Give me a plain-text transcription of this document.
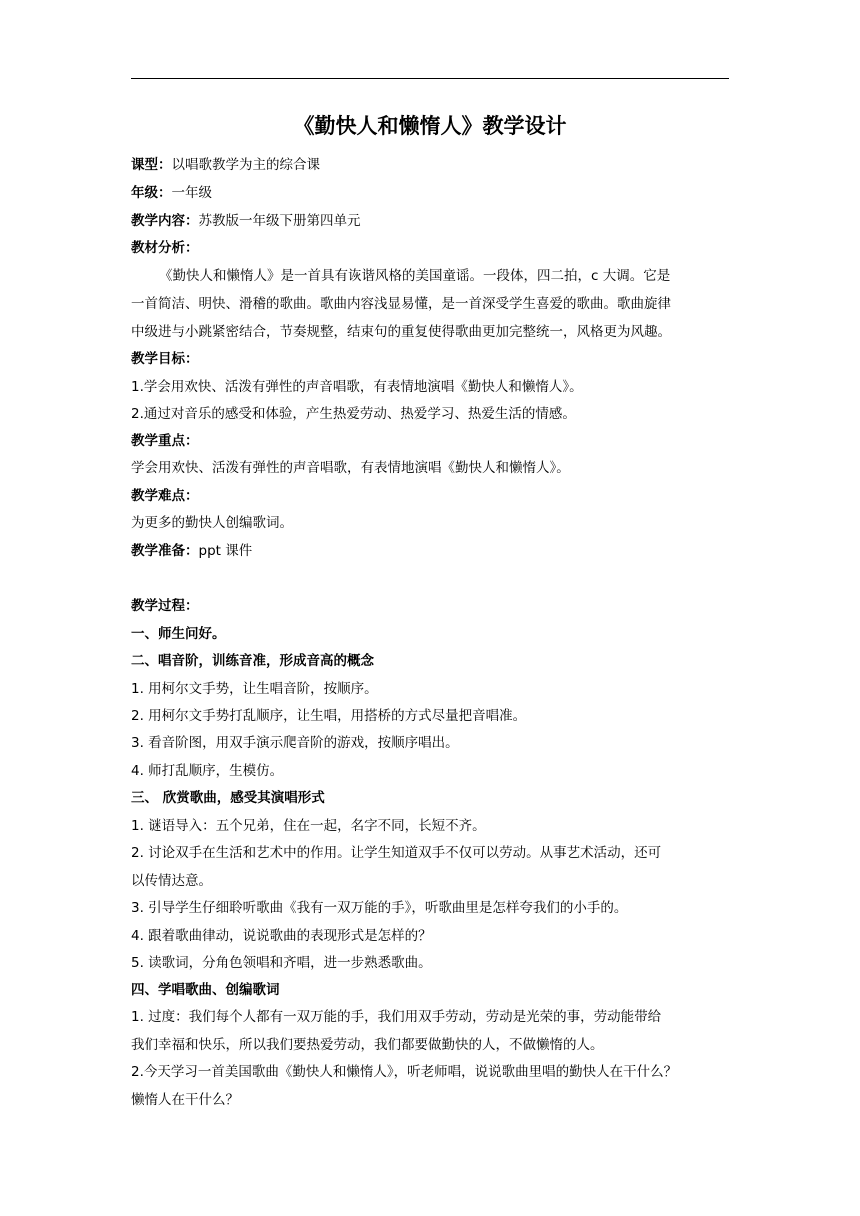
《勤快人和懒惰人》教学设计
课型：以唱歌教学为主的综合课
年级：一年级
教学内容：苏教版一年级下册第四单元
教材分析：
《勤快人和懒惰人》是一首具有诙谐风格的美国童谣。一段体，四二拍，c 大调。它是
一首简洁、明快、滑稽的歌曲。歌曲内容浅显易懂，是一首深受学生喜爱的歌曲。歌曲旋律
中级进与小跳紧密结合，节奏规整，结束句的重复使得歌曲更加完整统一，风格更为风趣。
教学目标：
1.学会用欢快、活泼有弹性的声音唱歌，有表情地演唱《勤快人和懒惰人》。
2.通过对音乐的感受和体验，产生热爱劳动、热爱学习、热爱生活的情感。
教学重点：
学会用欢快、活泼有弹性的声音唱歌，有表情地演唱《勤快人和懒惰人》。
教学难点：
为更多的勤快人创编歌词。
教学准备：ppt 课件
教学过程：
一、师生问好。
二、唱音阶，训练音准，形成音高的概念
1. 用柯尔文手势，让生唱音阶，按顺序。
2. 用柯尔文手势打乱顺序，让生唱，用搭桥的方式尽量把音唱准。
3. 看音阶图，用双手演示爬音阶的游戏，按顺序唱出。
4. 师打乱顺序，生模仿。
三、 欣赏歌曲，感受其演唱形式
1. 谜语导入：五个兄弟，住在一起，名字不同，长短不齐。
2. 讨论双手在生活和艺术中的作用。让学生知道双手不仅可以劳动。从事艺术活动，还可
以传情达意。
3. 引导学生仔细聆听歌曲《我有一双万能的手》，听歌曲里是怎样夸我们的小手的。
4. 跟着歌曲律动，说说歌曲的表现形式是怎样的？
5. 读歌词，分角色领唱和齐唱，进一步熟悉歌曲。
四、学唱歌曲、创编歌词
1. 过度：我们每个人都有一双万能的手，我们用双手劳动，劳动是光荣的事，劳动能带给
我们幸福和快乐，所以我们要热爱劳动，我们都要做勤快的人，不做懒惰的人。
2.今天学习一首美国歌曲《勤快人和懒惰人》，听老师唱，说说歌曲里唱的勤快人在干什么？
懒惰人在干什么？
